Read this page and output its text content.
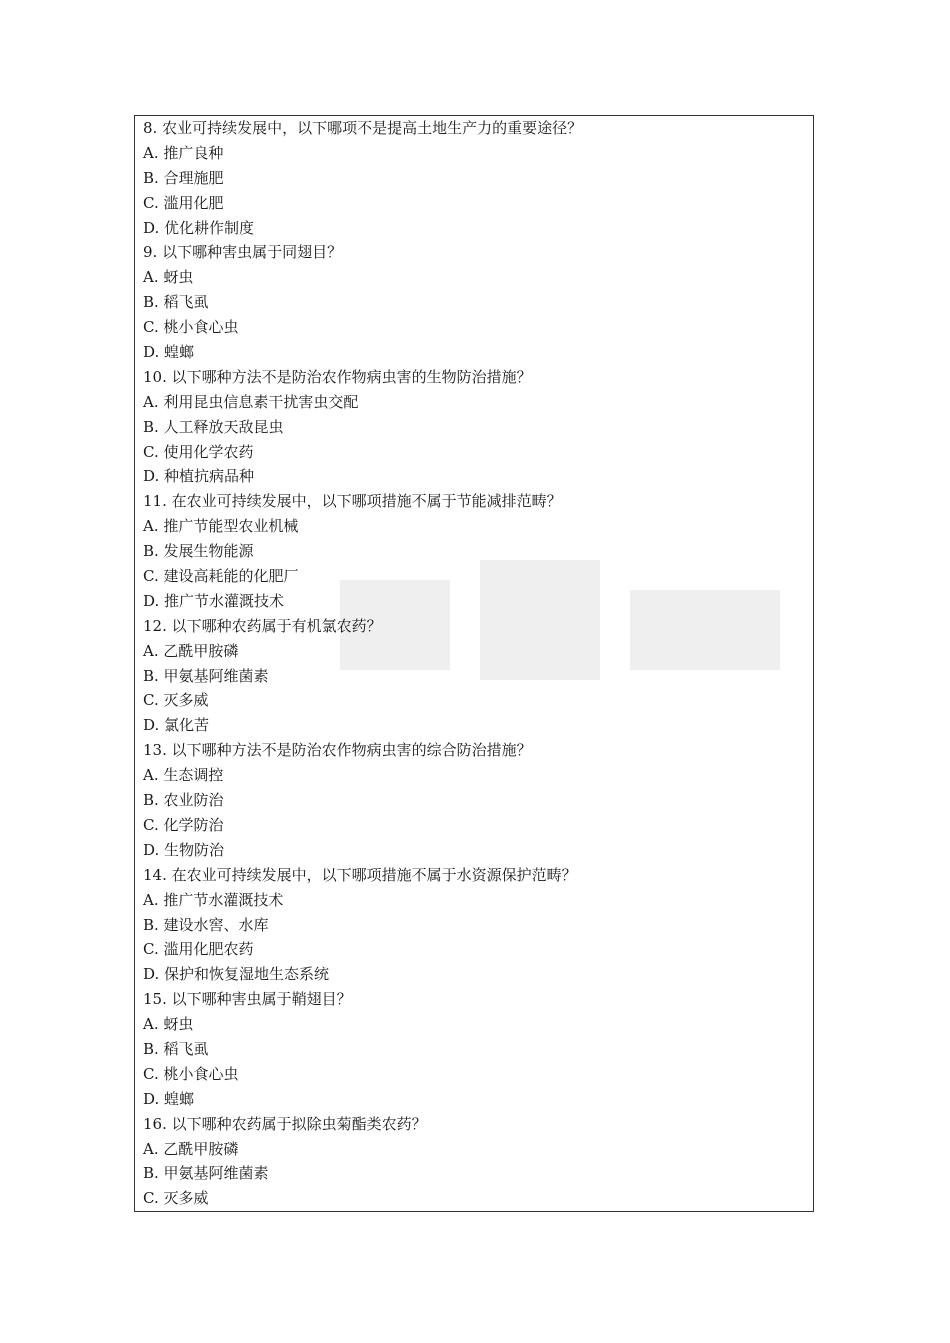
8. 农业可持续发展中，以下哪项不是提高土地生产力的重要途径？
A. 推广良种
B. 合理施肥
C. 滥用化肥
D. 优化耕作制度
9. 以下哪种害虫属于同翅目？
A. 蚜虫
B. 稻飞虱
C. 桃小食心虫
D. 蝗螂
10. 以下哪种方法不是防治农作物病虫害的生物防治措施？
A. 利用昆虫信息素干扰害虫交配
B. 人工释放天敌昆虫
C. 使用化学农药
D. 种植抗病品种
11. 在农业可持续发展中，以下哪项措施不属于节能减排范畴？
A. 推广节能型农业机械
B. 发展生物能源
C. 建设高耗能的化肥厂
D. 推广节水灌溉技术
12. 以下哪种农药属于有机氯农药？
A. 乙酰甲胺磷
B. 甲氨基阿维菌素
C. 灭多威
D. 氯化苦
13. 以下哪种方法不是防治农作物病虫害的综合防治措施？
A. 生态调控
B. 农业防治
C. 化学防治
D. 生物防治
14. 在农业可持续发展中，以下哪项措施不属于水资源保护范畴？
A. 推广节水灌溉技术
B. 建设水窖、水库
C. 滥用化肥农药
D. 保护和恢复湿地生态系统
15. 以下哪种害虫属于鞘翅目？
A. 蚜虫
B. 稻飞虱
C. 桃小食心虫
D. 蝗螂
16. 以下哪种农药属于拟除虫菊酯类农药？
A. 乙酰甲胺磷
B. 甲氨基阿维菌素
C. 灭多威
